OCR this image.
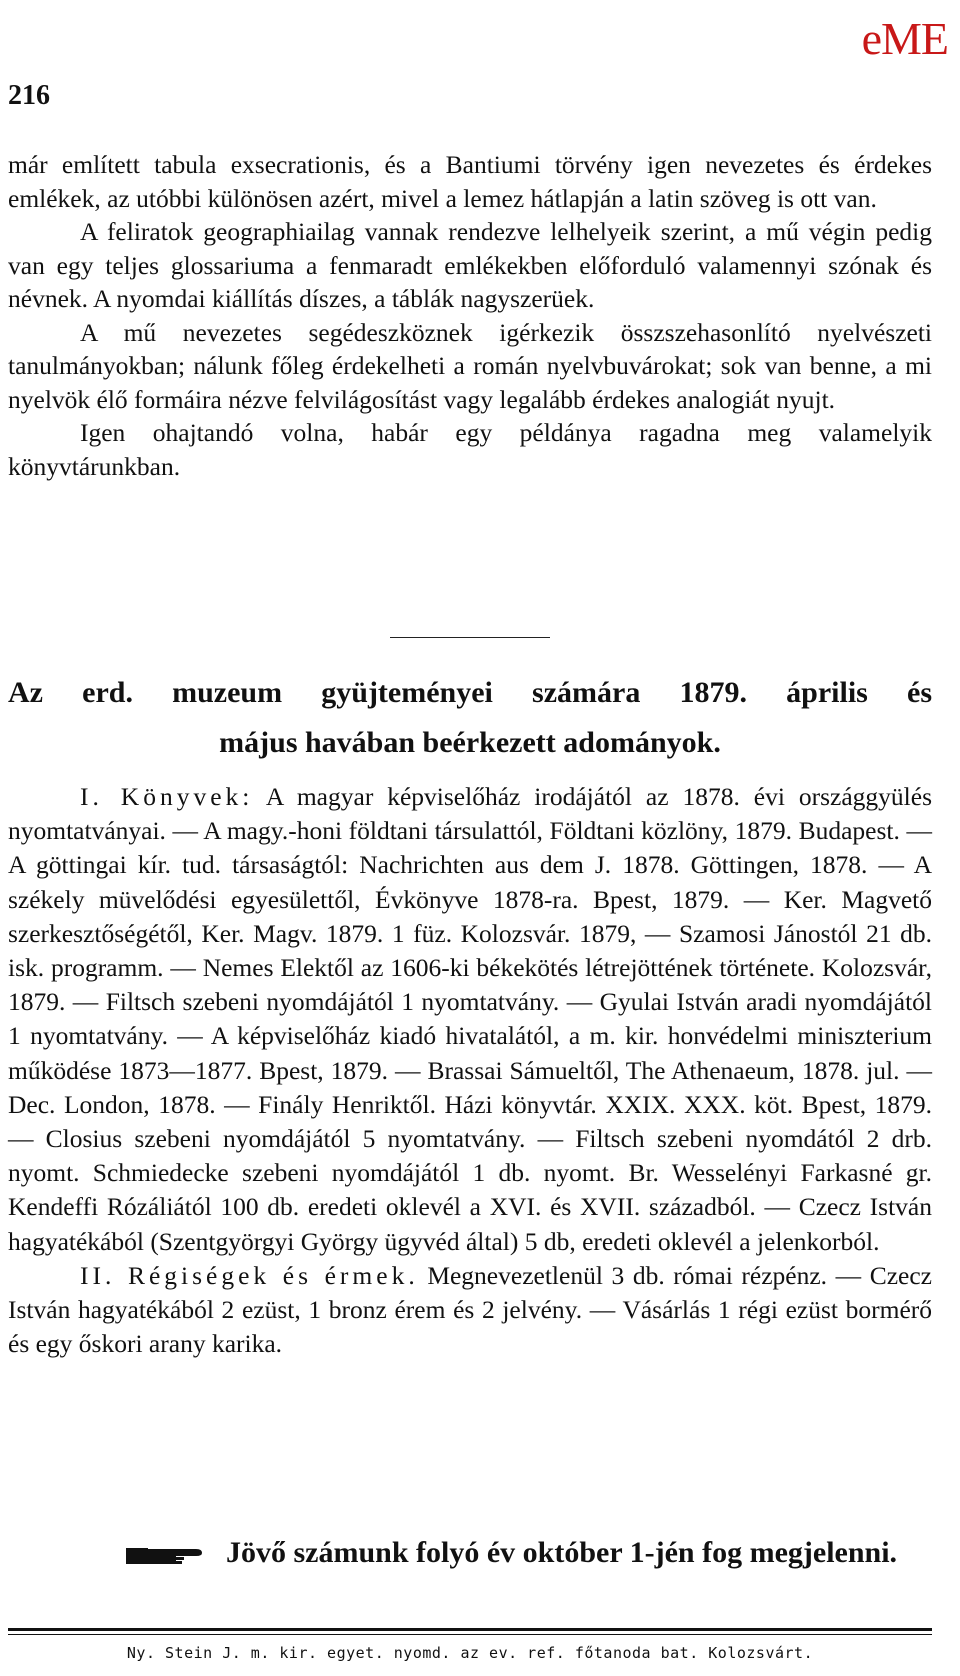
eME
216

már említett tabula exsecrationis, és a Bantiumi törvény igen nevezetes és érdekes emlékek, az utóbbi különösen azért, mivel a lemez hátlapján a latin szöveg is ott van.

A feliratok geographiailag vannak rendezve lelhelyeik szerint, a mű végin pedig van egy teljes glossariuma a fenmaradt emlékekben előforduló valamennyi szónak és névnek. A nyomdai kiállítás díszes, a táblák nagyszerüek.

A mű nevezetes segédeszköznek igérkezik összszehasonlító nyelvészeti tanulmányokban; nálunk főleg érdekelheti a román nyelvbuvárokat; sok van benne, a mi nyelvök élő formáira nézve felvilágosítást vagy legalább érdekes analogiát nyujt.

Igen ohajtandó volna, habár egy példánya ragadna meg valamelyik könyvtárunkban.

Az erd. muzeum gyüjteményei számára 1879. április és
május havában beérkezett adományok.

I. Könyvek: A magyar képviselőház irodájától az 1878. évi országgyülés nyomtatványai. — A magy.-honi földtani társulattól, Földtani közlöny, 1879. Budapest. — A göttingai kír. tud. társaságtól: Nachrichten aus dem J. 1878. Göttingen, 1878. — A székely müvelődési egyesülettől, Évkönyve 1878-ra. Bpest, 1879. — Ker. Magvető szerkesztőségétől, Ker. Magv. 1879. 1 füz. Kolozsvár. 1879, — Szamosi Jánostól 21 db. isk. programm. — Nemes Elektől az 1606-ki békekötés létrejöttének története. Kolozsvár, 1879. — Filtsch szebeni nyomdájától 1 nyomtatvány. — Gyulai István aradi nyomdájától 1 nyomtatvány. — A képviselőház kiadó hivatalától, a m. kir. honvédelmi miniszterium működése 1873—1877. Bpest, 1879. — Brassai Sámueltől, The Athenaeum, 1878. jul. — Dec. London, 1878. — Finály Henriktől. Házi könyvtár. XXIX. XXX. köt. Bpest, 1879. — Closius szebeni nyomdájától 5 nyomtatvány. — Filtsch szebeni nyomdától 2 drb. nyomt. Schmiedecke szebeni nyomdájától 1 db. nyomt. Br. Wesselényi Farkasné gr. Kendeffi Rózáliától 100 db. eredeti oklevél a XVI. és XVII. századból. — Czecz István hagyatékából (Szentgyörgyi György ügyvéd által) 5 db, eredeti oklevél a jelenkorból.

II. Régiségek és érmek. Megnevezetlenül 3 db. római rézpénz. — Czecz István hagyatékából 2 ezüst, 1 bronz érem és 2 jelvény. — Vásárlás 1 régi ezüst bormérő és egy őskori arany karika.

Jövő számunk folyó év október 1-jén fog megjelenni.

Ny. Stein J. m. kir. egyet. nyomd. az ev. ref. főtanoda bat. Kolozsvárt.
